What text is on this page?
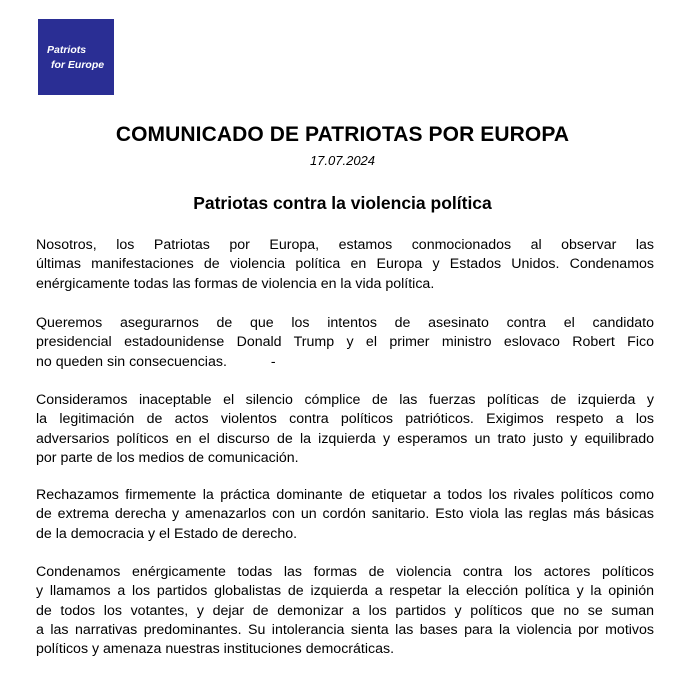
Patriots
for Europe
COMUNICADO DE PATRIOTAS POR EUROPA
17.07.2024
Patriotas contra la violencia política

Nosotros, los Patriotas por Europa, estamos conmocionados al observar las
últimas manifestaciones de violencia política en Europa y Estados Unidos. Condenamos
enérgicamente todas las formas de violencia en la vida política.

Queremos asegurarnos de que los intentos de asesinato contra el candidato
presidencial estadounidense Donald Trump y el primer ministro eslovaco Robert Fico
no queden sin consecuencias.	-

Consideramos inaceptable el silencio cómplice de las fuerzas políticas de izquierda y
la legitimación de actos violentos contra políticos patrióticos. Exigimos respeto a los
adversarios políticos en el discurso de la izquierda y esperamos un trato justo y equilibrado
por parte de los medios de comunicación.

Rechazamos firmemente la práctica dominante de etiquetar a todos los rivales políticos como
de extrema derecha y amenazarlos con un cordón sanitario. Esto viola las reglas más básicas
de la democracia y el Estado de derecho.

Condenamos enérgicamente todas las formas de violencia contra los actores políticos
y llamamos a los partidos globalistas de izquierda a respetar la elección política y la opinión
de todos los votantes, y dejar de demonizar a los partidos y políticos que no se suman
a las narrativas predominantes. Su intolerancia sienta las bases para la violencia por motivos
políticos y amenaza nuestras instituciones democráticas.
